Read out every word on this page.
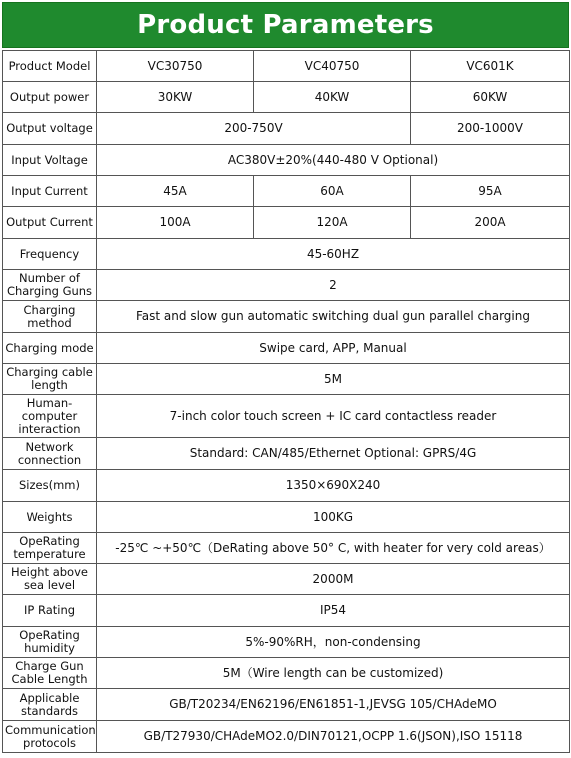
Product Parameters
Product Model	VC30750	VC40750	VC601K
Output power	30KW	40KW	60KW
Output voltage	200-750V		200-1000V
Input Voltage	AC380V±20%(440-480 V Optional)		
Input Current	45A	60A	95A
Output Current	100A	120A	200A
Frequency	45-60HZ		
Number of Charging Guns	2		
Charging method	Fast and slow gun automatic switching dual gun parallel charging		
Charging mode	Swipe card, APP, Manual		
Charging cable length	5M		
Human-computer interaction	7-inch color touch screen + IC card contactless reader		
Network connection	Standard: CAN/485/Ethernet Optional: GPRS/4G		
Sizes(mm)	1350×690X240		
Weights	100KG		
OpeRating temperature	-25℃ ~+50℃（DeRating above 50° C, with heater for very cold areas）		
Height above sea level	2000M		
IP Rating	IP54		
OpeRating humidity	5%-90%RH，non-condensing		
Charge Gun Cable Length	5M（Wire length can be customized)		
Applicable standards	GB/T20234/EN62196/EN61851-1,JEVSG 105/CHAdeMO		
Communication protocols	GB/T27930/CHAdeMO2.0/DIN70121,OCPP 1.6(JSON),ISO 15118		
